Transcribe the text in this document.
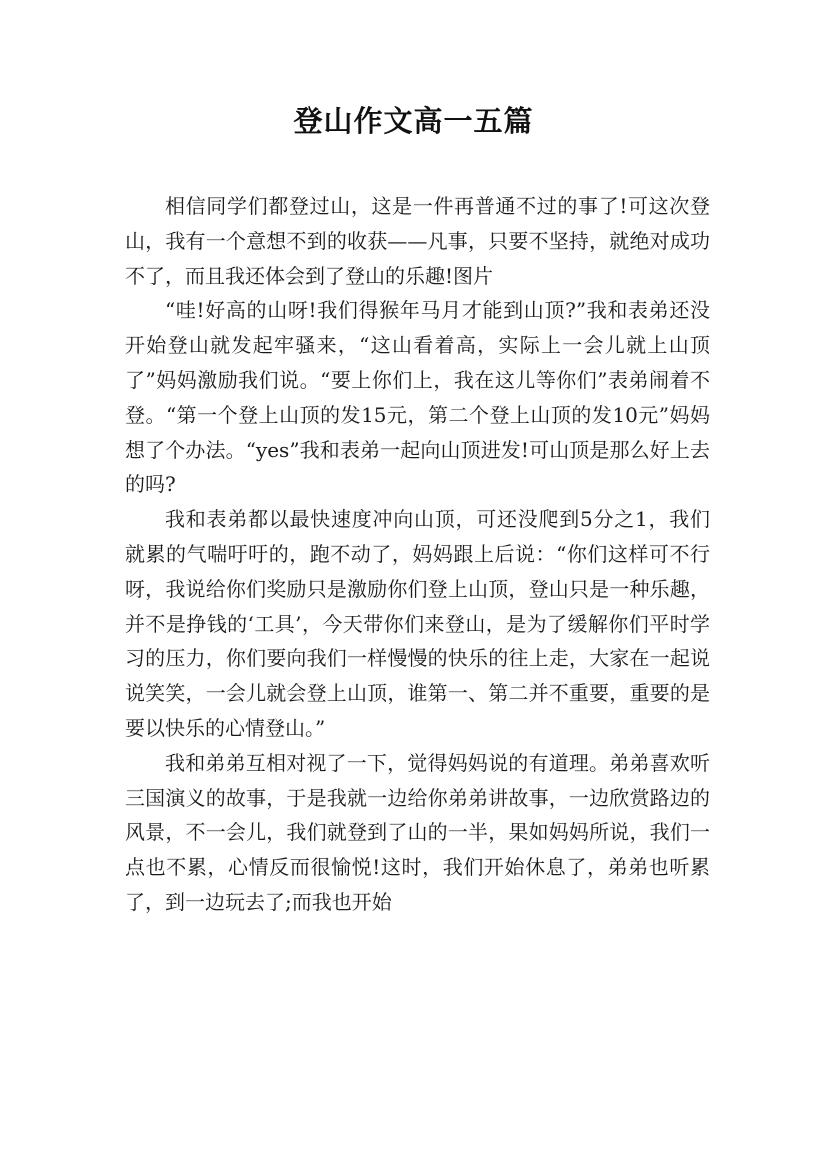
登山作文高一五篇

相信同学们都登过山，这是一件再普通不过的事了!可这次登山，我有一个意想不到的收获——凡事，只要不坚持，就绝对成功不了，而且我还体会到了登山的乐趣!图片

“哇!好高的山呀!我们得猴年马月才能到山顶?”我和表弟还没开始登山就发起牢骚来，“这山看着高，实际上一会儿就上山顶了”妈妈激励我们说。“要上你们上，我在这儿等你们”表弟闹着不登。“第一个登上山顶的发15元，第二个登上山顶的发10元”妈妈想了个办法。“yes”我和表弟一起向山顶进发!可山顶是那么好上去的吗?

我和表弟都以最快速度冲向山顶，可还没爬到5分之1，我们就累的气喘吁吁的，跑不动了，妈妈跟上后说：“你们这样可不行呀，我说给你们奖励只是激励你们登上山顶，登山只是一种乐趣，并不是挣钱的‘工具’，今天带你们来登山，是为了缓解你们平时学习的压力，你们要向我们一样慢慢的快乐的往上走，大家在一起说说笑笑，一会儿就会登上山顶，谁第一、第二并不重要，重要的是要以快乐的心情登山。”

我和弟弟互相对视了一下，觉得妈妈说的有道理。弟弟喜欢听三国演义的故事，于是我就一边给你弟弟讲故事，一边欣赏路边的风景，不一会儿，我们就登到了山的一半，果如妈妈所说，我们一点也不累，心情反而很愉悦!这时，我们开始休息了，弟弟也听累了，到一边玩去了;而我也开始
